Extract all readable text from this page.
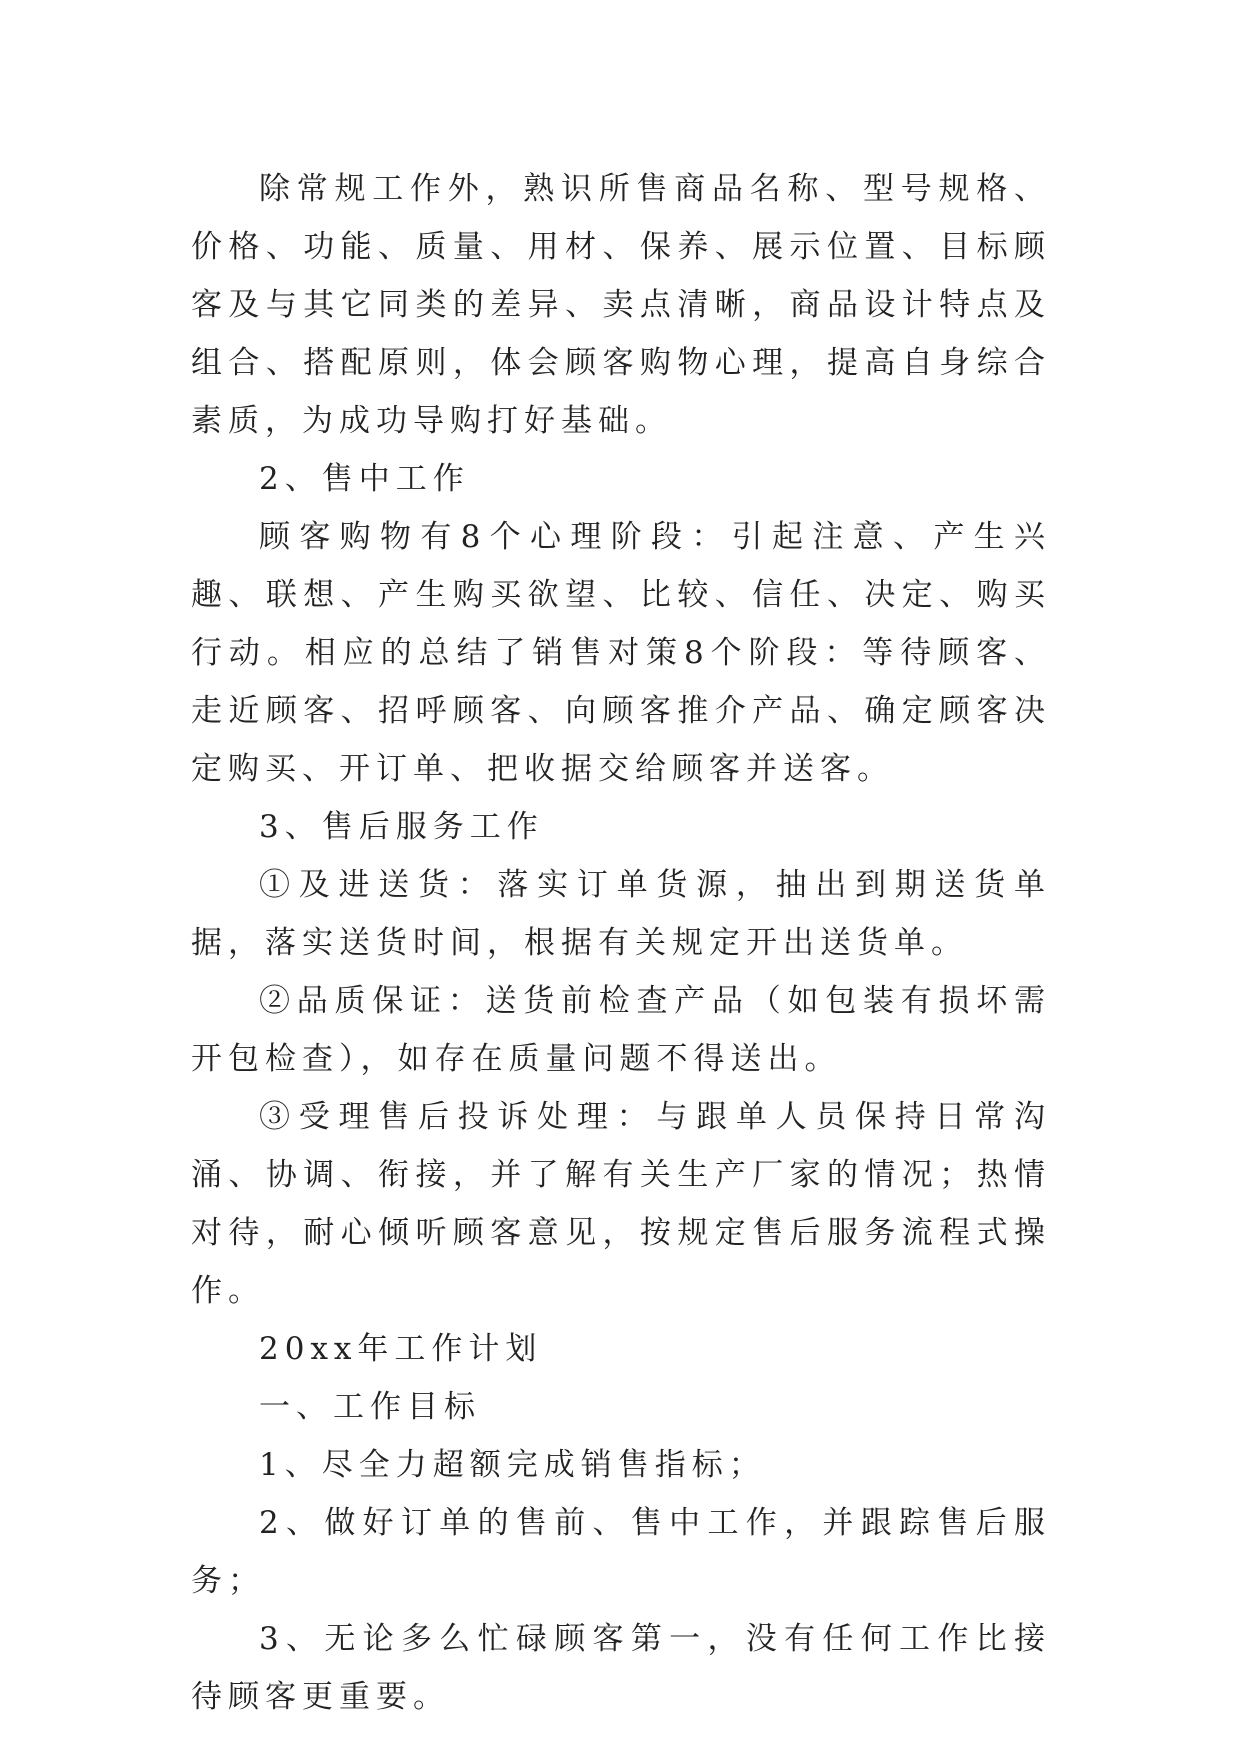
除常规工作外，熟识所售商品名称、型号规格、价格、功能、质量、用材、保养、展示位置、目标顾客及与其它同类的差异、卖点清晰，商品设计特点及组合、搭配原则，体会顾客购物心理，提高自身综合素质，为成功导购打好基础。

2、售中工作

顾客购物有8个心理阶段：引起注意、产生兴趣、联想、产生购买欲望、比较、信任、决定、购买行动。相应的总结了销售对策8个阶段：等待顾客、走近顾客、招呼顾客、向顾客推介产品、确定顾客决定购买、开订单、把收据交给顾客并送客。

3、售后服务工作

①及进送货：落实订单货源，抽出到期送货单据，落实送货时间，根据有关规定开出送货单。

②品质保证：送货前检查产品（如包装有损坏需开包检查），如存在质量问题不得送出。

③受理售后投诉处理：与跟单人员保持日常沟涌、协调、衔接，并了解有关生产厂家的情况；热情对待，耐心倾听顾客意见，按规定售后服务流程式操作。

20xx年工作计划

一、工作目标

1、尽全力超额完成销售指标；

2、做好订单的售前、售中工作，并跟踪售后服务；

3、无论多么忙碌顾客第一，没有任何工作比接待顾客更重要。
